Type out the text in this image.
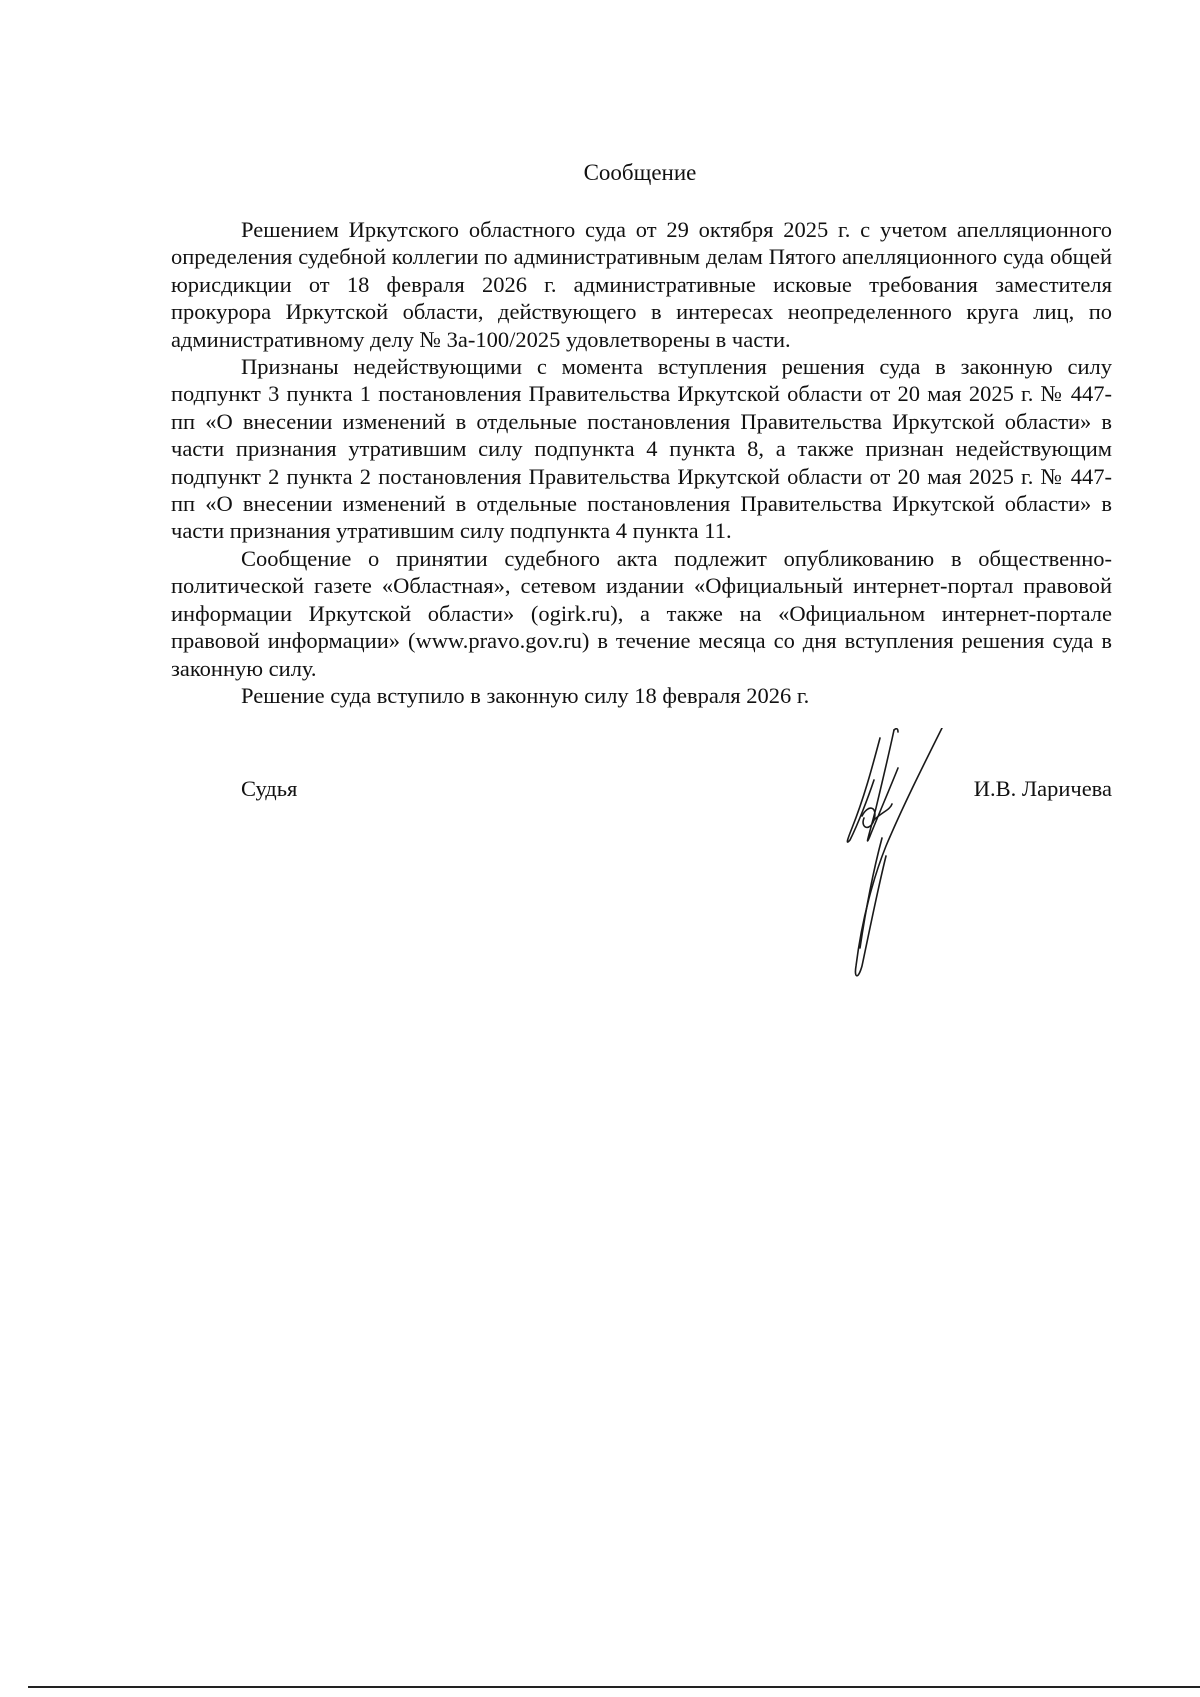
Сообщение

Решением Иркутского областного суда от 29 октября 2025 г. с учетом апелляционного определения судебной коллегии по административным делам Пятого апелляционного суда общей юрисдикции от 18 февраля 2026 г. административные исковые требования заместителя прокурора Иркутской области, действующего в интересах неопределенного круга лиц, по административному делу № 3а-100/2025 удовлетворены в части.

Признаны недействующими с момента вступления решения суда в законную силу подпункт 3 пункта 1 постановления Правительства Иркутской области от 20 мая 2025 г. № 447-пп «О внесении изменений в отдельные постановления Правительства Иркутской области» в части признания утратившим силу подпункта 4 пункта 8, а также признан недействующим подпункт 2 пункта 2 постановления Правительства Иркутской области от 20 мая 2025 г. № 447-пп «О внесении изменений в отдельные постановления Правительства Иркутской области» в части признания утратившим силу подпункта 4 пункта 11.

Сообщение о принятии судебного акта подлежит опубликованию в общественно-политической газете «Областная», сетевом издании «Официальный интернет-портал правовой информации Иркутской области» (ogirk.ru), а также на «Официальном интернет-портале правовой информации» (www.pravo.gov.ru) в течение месяца со дня вступления решения суда в законную силу.

Решение суда вступило в законную силу 18 февраля 2026 г.

Судья	И.В. Ларичева
